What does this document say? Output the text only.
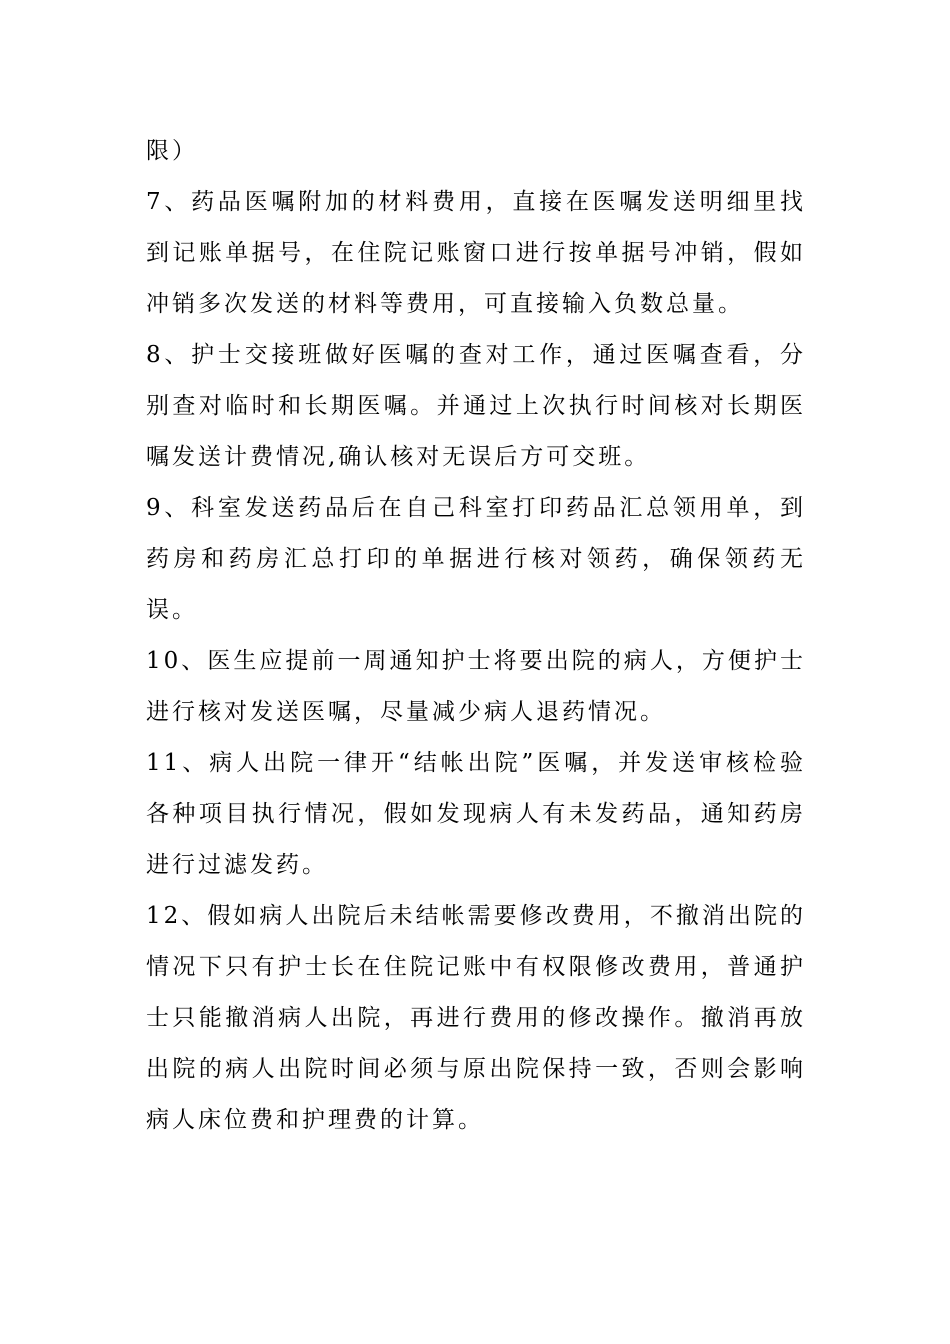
限）

7、药品医嘱附加的材料费用，直接在医嘱发送明细里找到记账单据号，在住院记账窗口进行按单据号冲销，假如冲销多次发送的材料等费用，可直接输入负数总量。

8、护士交接班做好医嘱的查对工作，通过医嘱查看，分别查对临时和长期医嘱。并通过上次执行时间核对长期医嘱发送计费情况,确认核对无误后方可交班。

9、科室发送药品后在自己科室打印药品汇总领用单，到药房和药房汇总打印的单据进行核对领药，确保领药无误。

10、医生应提前一周通知护士将要出院的病人，方便护士进行核对发送医嘱，尽量减少病人退药情况。

11、病人出院一律开“结帐出院”医嘱，并发送审核检验各种项目执行情况，假如发现病人有未发药品，通知药房进行过滤发药。

12、假如病人出院后未结帐需要修改费用，不撤消出院的情况下只有护士长在住院记账中有权限修改费用，普通护士只能撤消病人出院，再进行费用的修改操作。撤消再放出院的病人出院时间必须与原出院保持一致，否则会影响病人床位费和护理费的计算。
